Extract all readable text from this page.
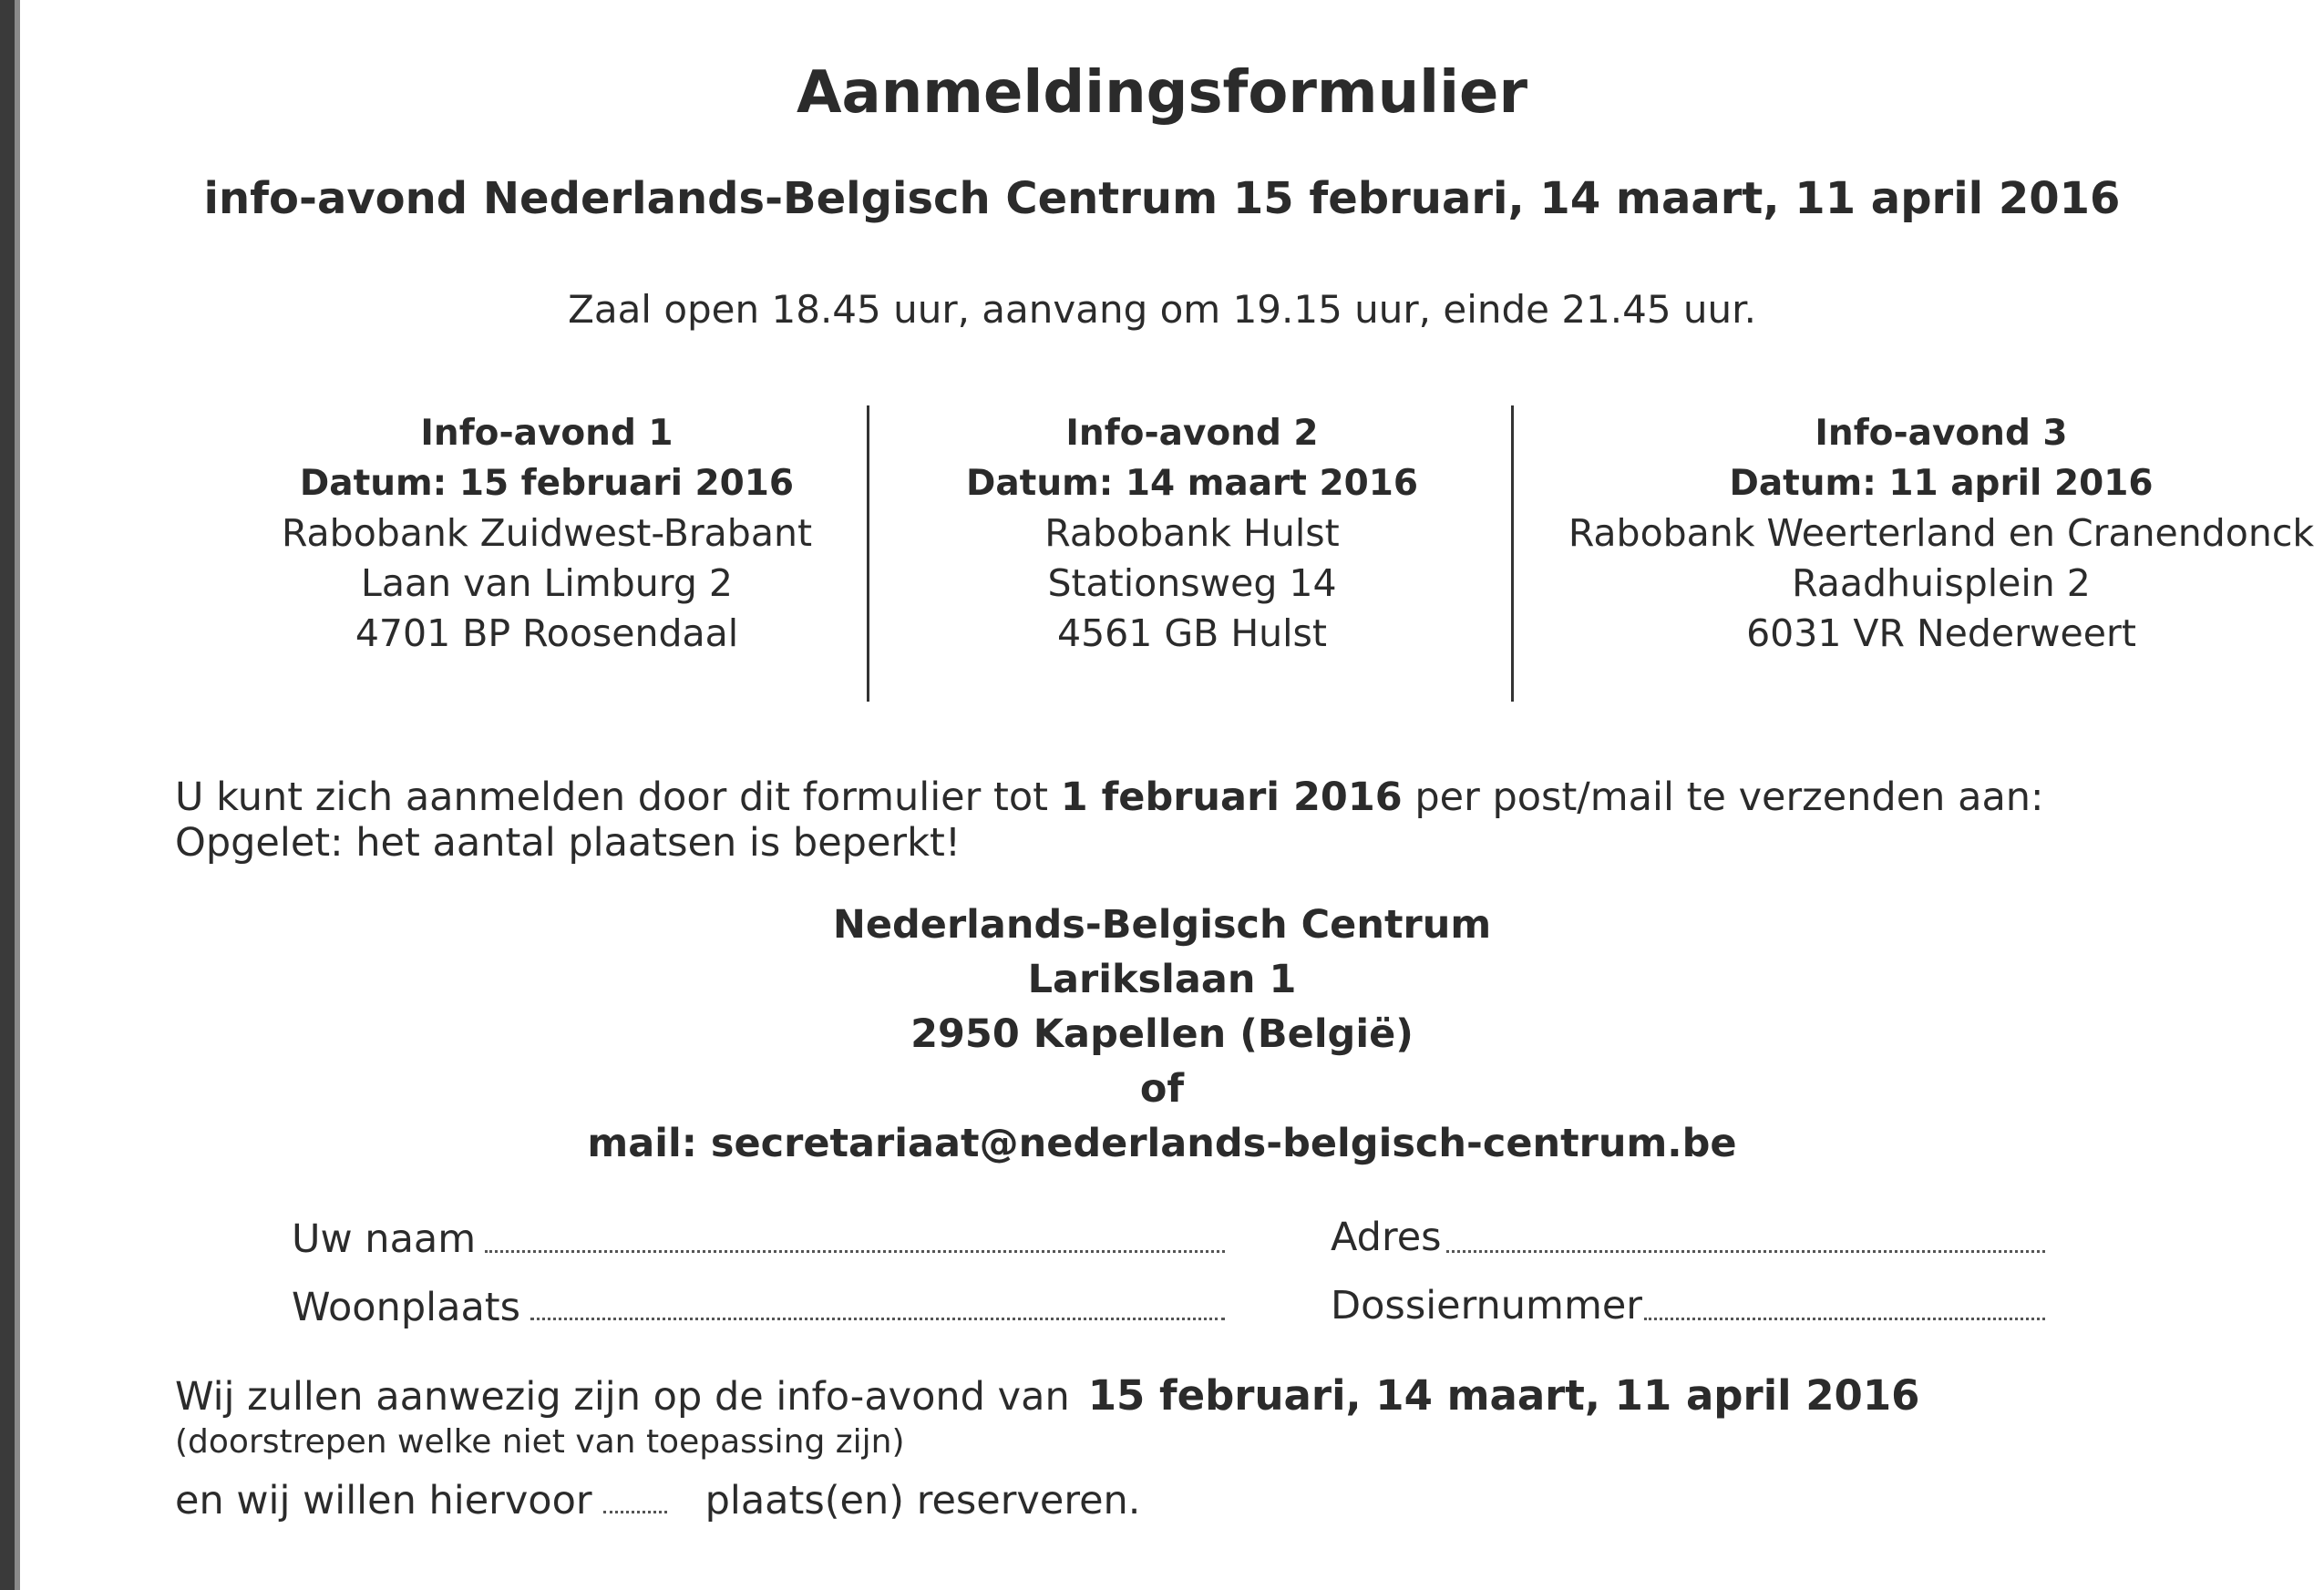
Aanmeldingsformulier
info-avond Nederlands-Belgisch Centrum 15 februari, 14 maart, 11 april 2016
Zaal open 18.45 uur, aanvang om 19.15 uur, einde 21.45 uur.
Info-avond 1
Datum: 15 februari 2016
Rabobank Zuidwest-Brabant
Laan van Limburg 2
4701 BP Roosendaal
Info-avond 2
Datum: 14 maart 2016
Rabobank Hulst
Stationsweg 14
4561 GB Hulst
Info-avond 3
Datum: 11 april 2016
Rabobank Weerterland en Cranendonck
Raadhuisplein 2
6031 VR Nederweert
U kunt zich aanmelden door dit formulier tot 1 februari 2016 per post/mail te verzenden aan:
Opgelet: het aantal plaatsen is beperkt!
Nederlands-Belgisch Centrum
Larikslaan 1
2950 Kapellen (België)
of
mail: secretariaat@nederlands-belgisch-centrum.be
Uw naam	Adres
Woonplaats	Dossiernummer
Wij zullen aanwezig zijn op de info-avond van 15 februari, 14 maart, 11 april 2016
(doorstrepen welke niet van toepassing zijn)
en wij willen hiervoor	plaats(en) reserveren.
